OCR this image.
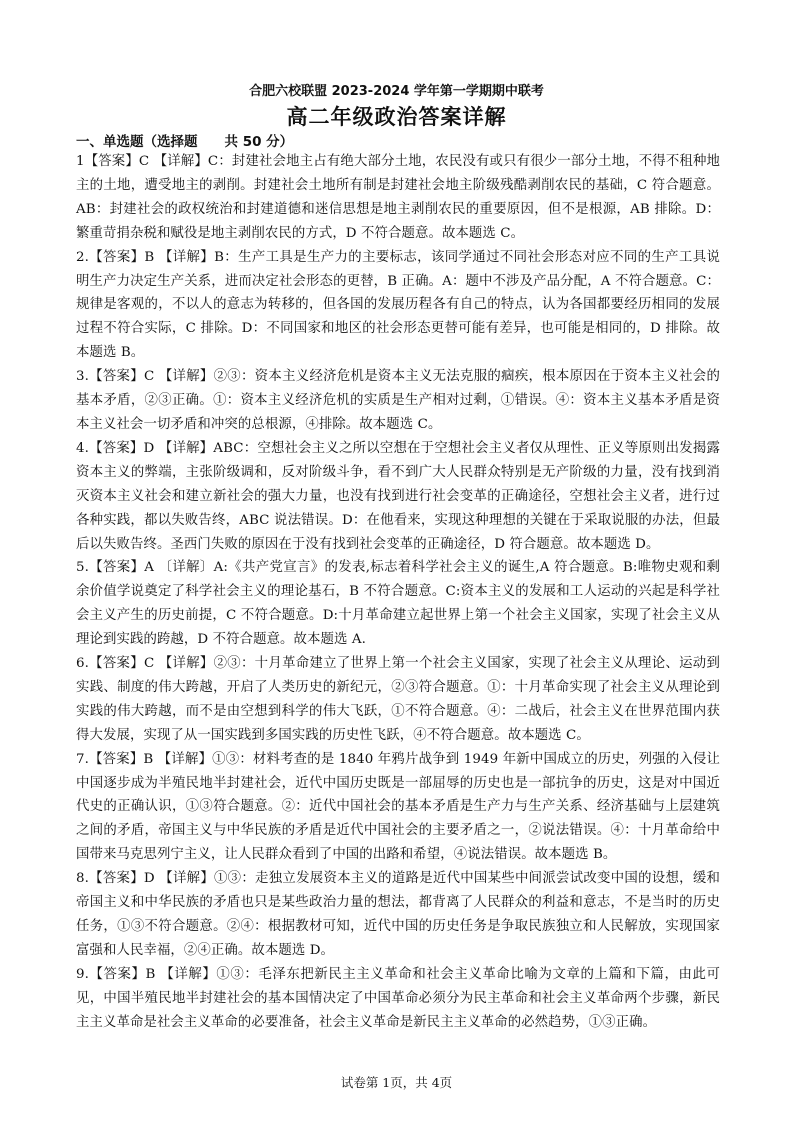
合肥六校联盟 2023-2024 学年第一学期期中联考
高二年级政治答案详解
一、单选题（选择题　　共 50 分）
1【答案】C 【详解】C：封建社会地主占有绝大部分土地，农民没有或只有很少一部分土地，不得不租种地主的土地，遭受地主的剥削。封建社会土地所有制是封建社会地主阶级残酷剥削农民的基础，C 符合题意。AB：封建社会的政权统治和封建道德和迷信思想是地主剥削农民的重要原因，但不是根源，AB 排除。D：繁重苛捐杂税和赋役是地主剥削农民的方式，D 不符合题意。故本题选 C。
2.【答案】B 【详解】B：生产工具是生产力的主要标志，该同学通过不同社会形态对应不同的生产工具说明生产力决定生产关系，进而决定社会形态的更替，B 正确。A：题中不涉及产品分配，A 不符合题意。C：规律是客观的，不以人的意志为转移的，但各国的发展历程各有自己的特点，认为各国都要经历相同的发展过程不符合实际，C 排除。D：不同国家和地区的社会形态更替可能有差异，也可能是相同的，D 排除。故本题选 B。
3.【答案】C 【详解】②③：资本主义经济危机是资本主义无法克服的痼疾，根本原因在于资本主义社会的基本矛盾，②③正确。①：资本主义经济危机的实质是生产相对过剩，①错误。④：资本主义基本矛盾是资本主义社会一切矛盾和冲突的总根源，④排除。故本题选 C。
4.【答案】D 【详解】ABC：空想社会主义之所以空想在于空想社会主义者仅从理性、正义等原则出发揭露资本主义的弊端，主张阶级调和，反对阶级斗争，看不到广大人民群众特别是无产阶级的力量，没有找到消灭资本主义社会和建立新社会的强大力量，也没有找到进行社会变革的正确途径，空想社会主义者，进行过各种实践，都以失败告终，ABC 说法错误。D：在他看来，实现这种理想的关键在于采取说服的办法，但最后以失败告终。圣西门失败的原因在于没有找到社会变革的正确途径，D 符合题意。故本题选 D。
5.【答案】A 〔详解〕A:《共产党宣言》的发表,标志着科学社会主义的诞生,A 符合题意。B:唯物史观和剩余价值学说奠定了科学社会主义的理论基石，B 不符合题意。C:资本主义的发展和工人运动的兴起是科学社会主义产生的历史前提，C 不符合题意。D:十月革命建立起世界上第一个社会主义国家，实现了社会主义从理论到实践的跨越，D 不符合题意。故本题选 A.
6.【答案】C 【详解】②③：十月革命建立了世界上第一个社会主义国家，实现了社会主义从理论、运动到实践、制度的伟大跨越，开启了人类历史的新纪元，②③符合题意。①：十月革命实现了社会主义从理论到实践的伟大跨越，而不是由空想到科学的伟大飞跃，①不符合题意。④：二战后，社会主义在世界范围内获得大发展，实现了从一国实践到多国实践的历史性飞跃，④不符合题意。故本题选 C。
7.【答案】B 【详解】①③：材料考查的是 1840 年鸦片战争到 1949 年新中国成立的历史，列强的入侵让中国逐步成为半殖民地半封建社会，近代中国历史既是一部屈辱的历史也是一部抗争的历史，这是对中国近代史的正确认识，①③符合题意。②：近代中国社会的基本矛盾是生产力与生产关系、经济基础与上层建筑之间的矛盾，帝国主义与中华民族的矛盾是近代中国社会的主要矛盾之一，②说法错误。④：十月革命给中国带来马克思列宁主义，让人民群众看到了中国的出路和希望，④说法错误。故本题选 B。
8.【答案】D 【详解】①③：走独立发展资本主义的道路是近代中国某些中间派尝试改变中国的设想，缓和帝国主义和中华民族的矛盾也只是某些政治力量的想法，都背离了人民群众的利益和意志，不是当时的历史任务，①③不符合题意。②④：根据教材可知，近代中国的历史任务是争取民族独立和人民解放，实现国家富强和人民幸福，②④正确。故本题选 D。
9.【答案】B 【详解】①③：毛泽东把新民主主义革命和社会主义革命比喻为文章的上篇和下篇，由此可见，中国半殖民地半封建社会的基本国情决定了中国革命必须分为民主革命和社会主义革命两个步骤，新民主主义革命是社会主义革命的必要准备，社会主义革命是新民主主义革命的必然趋势，①③正确。
试卷第 1页，共 4页
